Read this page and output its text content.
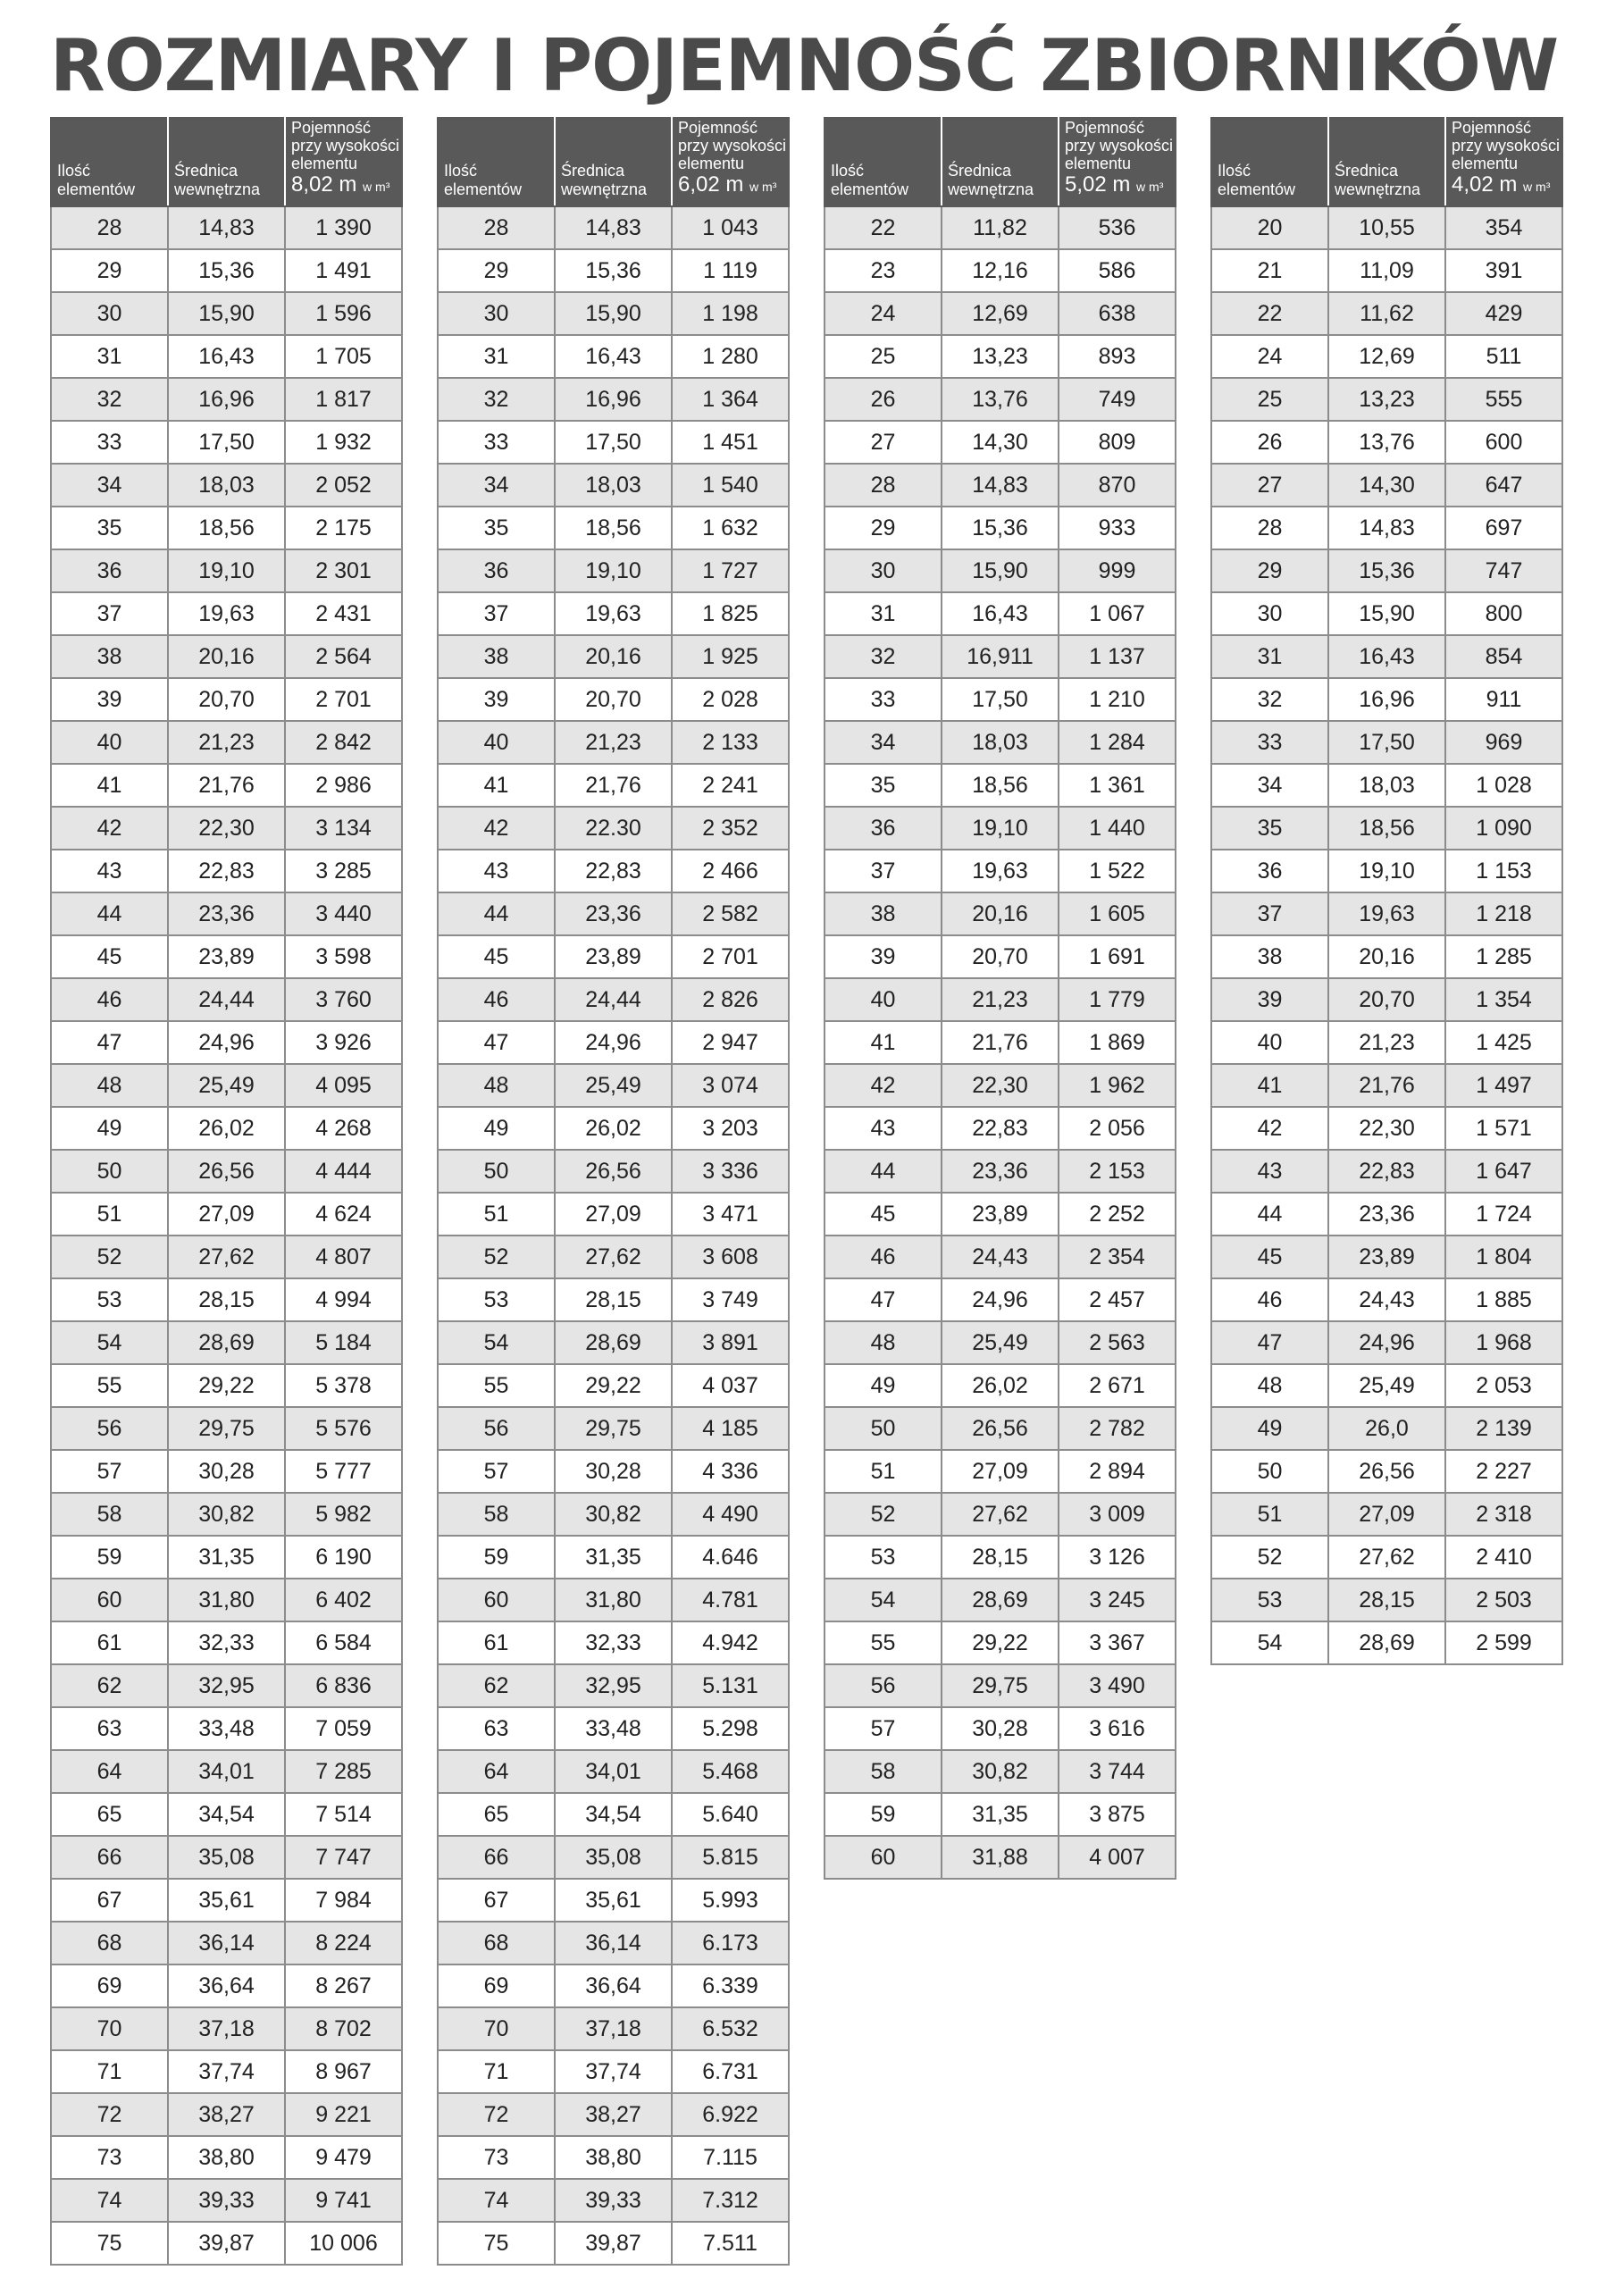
ROZMIARY I POJEMNOŚĆ ZBIORNIKÓW
Ilość elementów	Średnica wewnętrzna	Pojemność przy wysokości elementu
8,02 m w m³

28	14,83	1 390
29	15,36	1 491
30	15,90	1 596
31	16,43	1 705
32	16,96	1 817
33	17,50	1 932
34	18,03	2 052
35	18,56	2 175
36	19,10	2 301
37	19,63	2 431
38	20,16	2 564
39	20,70	2 701
40	21,23	2 842
41	21,76	2 986
42	22,30	3 134
43	22,83	3 285
44	23,36	3 440
45	23,89	3 598
46	24,44	3 760
47	24,96	3 926
48	25,49	4 095
49	26,02	4 268
50	26,56	4 444
51	27,09	4 624
52	27,62	4 807
53	28,15	4 994
54	28,69	5 184
55	29,22	5 378
56	29,75	5 576
57	30,28	5 777
58	30,82	5 982
59	31,35	6 190
60	31,80	6 402
61	32,33	6 584
62	32,95	6 836
63	33,48	7 059
64	34,01	7 285
65	34,54	7 514
66	35,08	7 747
67	35,61	7 984
68	36,14	8 224
69	36,64	8 267
70	37,18	8 702
71	37,74	8 967
72	38,27	9 221
73	38,80	9 479
74	39,33	9 741
75	39,87	10 006
Ilość elementów	Średnica wewnętrzna	Pojemność przy wysokości elementu
6,02 m w m³

28	14,83	1 043
29	15,36	1 119
30	15,90	1 198
31	16,43	1 280
32	16,96	1 364
33	17,50	1 451
34	18,03	1 540
35	18,56	1 632
36	19,10	1 727
37	19,63	1 825
38	20,16	1 925
39	20,70	2 028
40	21,23	2 133
41	21,76	2 241
42	22.30	2 352
43	22,83	2 466
44	23,36	2 582
45	23,89	2 701
46	24,44	2 826
47	24,96	2 947
48	25,49	3 074
49	26,02	3 203
50	26,56	3 336
51	27,09	3 471
52	27,62	3 608
53	28,15	3 749
54	28,69	3 891
55	29,22	4 037
56	29,75	4 185
57	30,28	4 336
58	30,82	4 490
59	31,35	4.646
60	31,80	4.781
61	32,33	4.942
62	32,95	5.131
63	33,48	5.298
64	34,01	5.468
65	34,54	5.640
66	35,08	5.815
67	35,61	5.993
68	36,14	6.173
69	36,64	6.339
70	37,18	6.532
71	37,74	6.731
72	38,27	6.922
73	38,80	7.115
74	39,33	7.312
75	39,87	7.511
Ilość elementów	Średnica wewnętrzna	Pojemność przy wysokości elementu
5,02 m w m³

22	11,82	536
23	12,16	586
24	12,69	638
25	13,23	893
26	13,76	749
27	14,30	809
28	14,83	870
29	15,36	933
30	15,90	999
31	16,43	1 067
32	16,911	1 137
33	17,50	1 210
34	18,03	1 284
35	18,56	1 361
36	19,10	1 440
37	19,63	1 522
38	20,16	1 605
39	20,70	1 691
40	21,23	1 779
41	21,76	1 869
42	22,30	1 962
43	22,83	2 056
44	23,36	2 153
45	23,89	2 252
46	24,43	2 354
47	24,96	2 457
48	25,49	2 563
49	26,02	2 671
50	26,56	2 782
51	27,09	2 894
52	27,62	3 009
53	28,15	3 126
54	28,69	3 245
55	29,22	3 367
56	29,75	3 490
57	30,28	3 616
58	30,82	3 744
59	31,35	3 875
60	31,88	4 007
Ilość elementów	Średnica wewnętrzna	Pojemność przy wysokości elementu
4,02 m w m³

20	10,55	354
21	11,09	391
22	11,62	429
24	12,69	511
25	13,23	555
26	13,76	600
27	14,30	647
28	14,83	697
29	15,36	747
30	15,90	800
31	16,43	854
32	16,96	911
33	17,50	969
34	18,03	1 028
35	18,56	1 090
36	19,10	1 153
37	19,63	1 218
38	20,16	1 285
39	20,70	1 354
40	21,23	1 425
41	21,76	1 497
42	22,30	1 571
43	22,83	1 647
44	23,36	1 724
45	23,89	1 804
46	24,43	1 885
47	24,96	1 968
48	25,49	2 053
49	26,0	2 139
50	26,56	2 227
51	27,09	2 318
52	27,62	2 410
53	28,15	2 503
54	28,69	2 599
